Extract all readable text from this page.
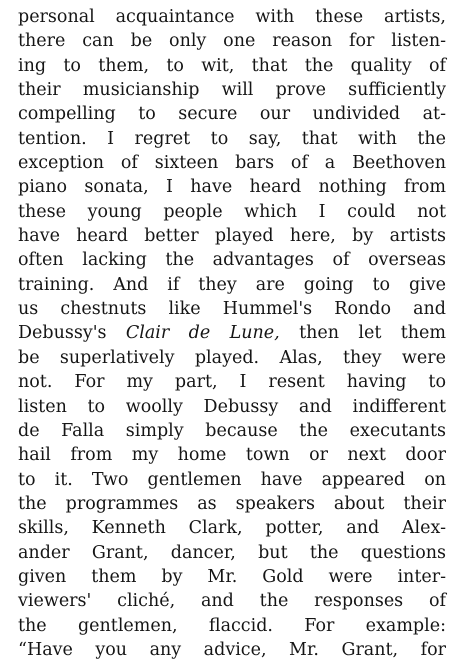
personal acquaintance with these artists,
there can be only one reason for listen-
ing to them, to wit, that the quality of
their musicianship will prove sufficiently
compelling to secure our undivided at-
tention. I regret to say, that with the
exception of sixteen bars of a Beethoven
piano sonata, I have heard nothing from
these young people which I could not
have heard better played here, by artists
often lacking the advantages of overseas
training. And if they are going to give
us chestnuts like Hummel's Rondo and
Debussy's Clair de Lune, then let them
be superlatively played. Alas, they were
not. For my part, I resent having to
listen to woolly Debussy and indifferent
de Falla simply because the executants
hail from my home town or next door
to it. Two gentlemen have appeared on
the programmes as speakers about their
skills, Kenneth Clark, potter, and Alex-
ander Grant, dancer, but the questions
given them by Mr. Gold were inter-
viewers' cliché, and the responses of
the gentlemen, flaccid. For example:
“Have you any advice, Mr. Grant, for
